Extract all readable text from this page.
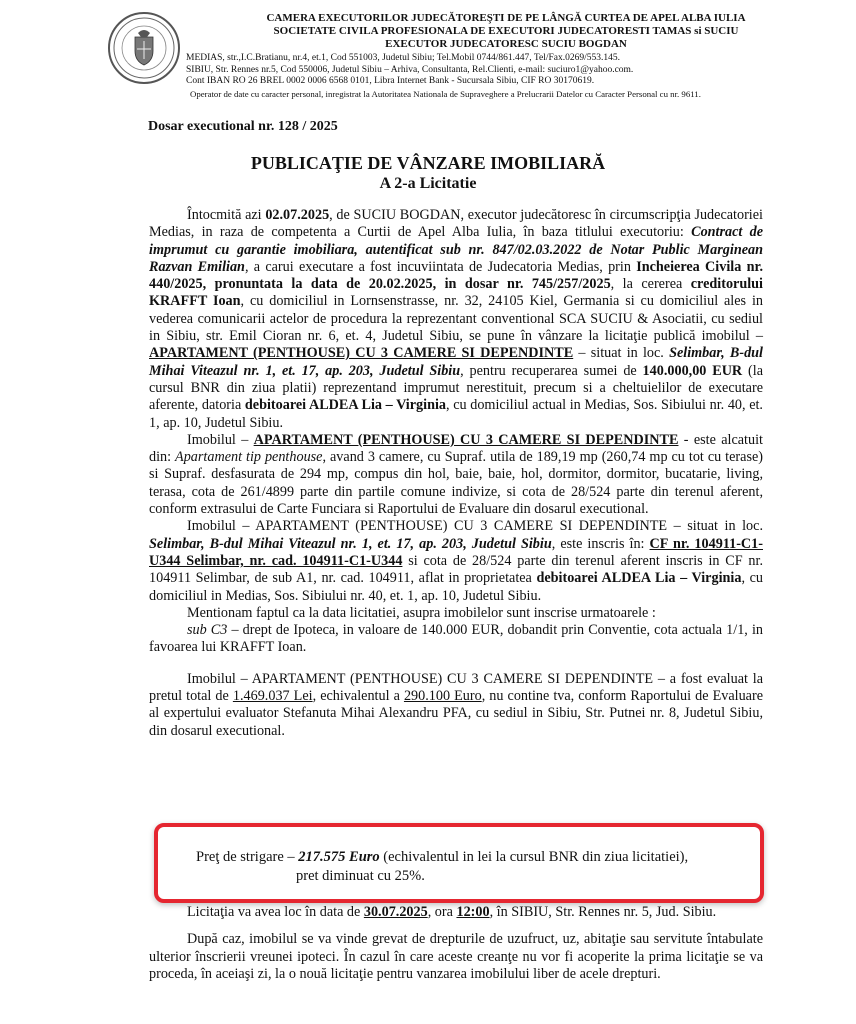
CAMERA EXECUTORILOR JUDECĂTOREŞTI DE PE LÂNGĂ CURTEA DE APEL ALBA IULIA
SOCIETATE CIVILA PROFESIONALA DE EXECUTORI JUDECATORESTI TAMAS si SUCIU
EXECUTOR JUDECATORESC SUCIU BOGDAN
MEDIAS, str.,I.C.Bratianu, nr.4, et.1, Cod 551003, Judetul Sibiu; Tel.Mobil 0744/861.447, Tel/Fax.0269/553.145.
SIBIU, Str. Rennes nr.5, Cod 550006, Judetul Sibiu – Arhiva, Consultanta, Rel.Clienti, e-mail: suciuro1@yahoo.com.
Cont IBAN RO 26 BREL 0002 0006 6568 0101, Libra Internet Bank - Sucursala Sibiu, CIF RO 30170619.
Operator de date cu caracter personal, inregistrat la Autoritatea Nationala de Supraveghere a Prelucrarii Datelor cu Caracter Personal cu nr. 9611.
Dosar executional nr. 128 / 2025
PUBLICAŢIE DE VÂNZARE IMOBILIARĂ
A 2-a Licitatie

Întocmită azi 02.07.2025, de SUCIU BOGDAN, executor judecătoresc în circumscripţia Judecatoriei Medias, in raza de competenta a Curtii de Apel Alba Iulia, în baza titlului executoriu: Contract de imprumut cu garantie imobiliara, autentificat sub nr. 847/02.03.2022 de Notar Public Marginean Razvan Emilian, a carui executare a fost incuviintata de Judecatoria Medias, prin Incheierea Civila nr. 440/2025, pronuntata la data de 20.02.2025, in dosar nr. 745/257/2025, la cererea creditorului KRAFFT Ioan, cu domiciliul in Lornsenstrasse, nr. 32, 24105 Kiel, Germania si cu domiciliul ales in vederea comunicarii actelor de procedura la reprezentant conventional SCA SUCIU & Asociatii, cu sediul in Sibiu, str. Emil Cioran nr. 6, et. 4, Judetul Sibiu, se pune în vânzare la licitaţie publică imobilul – APARTAMENT (PENTHOUSE) CU 3 CAMERE SI DEPENDINTE – situat in loc. Selimbar, B-dul Mihai Viteazul nr. 1, et. 17, ap. 203, Judetul Sibiu, pentru recuperarea sumei de 140.000,00 EUR (la cursul BNR din ziua platii) reprezentand imprumut nerestituit, precum si a cheltuielilor de executare aferente, datoria debitoarei ALDEA Lia – Virginia, cu domiciliul actual in Medias, Sos. Sibiului nr. 40, et. 1, ap. 10, Judetul Sibiu.

Imobilul – APARTAMENT (PENTHOUSE) CU 3 CAMERE SI DEPENDINTE - este alcatuit din: Apartament tip penthouse, avand 3 camere, cu Supraf. utila de 189,19 mp (260,74 mp cu tot cu terase) si Supraf. desfasurata de 294 mp, compus din hol, baie, baie, hol, dormitor, dormitor, bucatarie, living, terasa, cota de 261/4899 parte din partile comune indivize, si cota de 28/524 parte din terenul aferent, conform extrasului de Carte Funciara si Raportului de Evaluare din dosarul executional.

Imobilul – APARTAMENT (PENTHOUSE) CU 3 CAMERE SI DEPENDINTE – situat in loc. Selimbar, B-dul Mihai Viteazul nr. 1, et. 17, ap. 203, Judetul Sibiu, este inscris în: CF nr. 104911-C1-U344 Selimbar, nr. cad. 104911-C1-U344 si cota de 28/524 parte din terenul aferent inscris in CF nr. 104911 Selimbar, de sub A1, nr. cad. 104911, aflat in proprietatea debitoarei ALDEA Lia – Virginia, cu domiciliul in Medias, Sos. Sibiului nr. 40, et. 1, ap. 10, Judetul Sibiu.

Mentionam faptul ca la data licitatiei, asupra imobilelor sunt inscrise urmatoarele :

sub C3 – drept de Ipoteca, in valoare de 140.000 EUR, dobandit prin Conventie, cota actuala 1/1, in favoarea lui KRAFFT Ioan.

Imobilul – APARTAMENT (PENTHOUSE) CU 3 CAMERE SI DEPENDINTE – a fost evaluat la pretul total de 1.469.037 Lei, echivalentul a 290.100 Euro, nu contine tva, conform Raportului de Evaluare al expertului evaluator Stefanuta Mihai Alexandru PFA, cu sediul in Sibiu, Str. Putnei nr. 8, Judetul Sibiu, din dosarul executional.

Preţ de strigare – 217.575 Euro (echivalentul in lei la cursul BNR din ziua licitatiei),
pret diminuat cu 25%.

Licitaţia va avea loc în data de 30.07.2025, ora 12:00, în SIBIU, Str. Rennes nr. 5, Jud. Sibiu.

După caz, imobilul se va vinde grevat de drepturile de uzufruct, uz, abitaţie sau servitute întabulate ulterior înscrierii vreunei ipoteci. În cazul în care aceste creanţe nu vor fi acoperite la prima licitaţie se va proceda, în aceiaşi zi, la o nouă licitaţie pentru vanzarea imobilului liber de acele drepturi.
